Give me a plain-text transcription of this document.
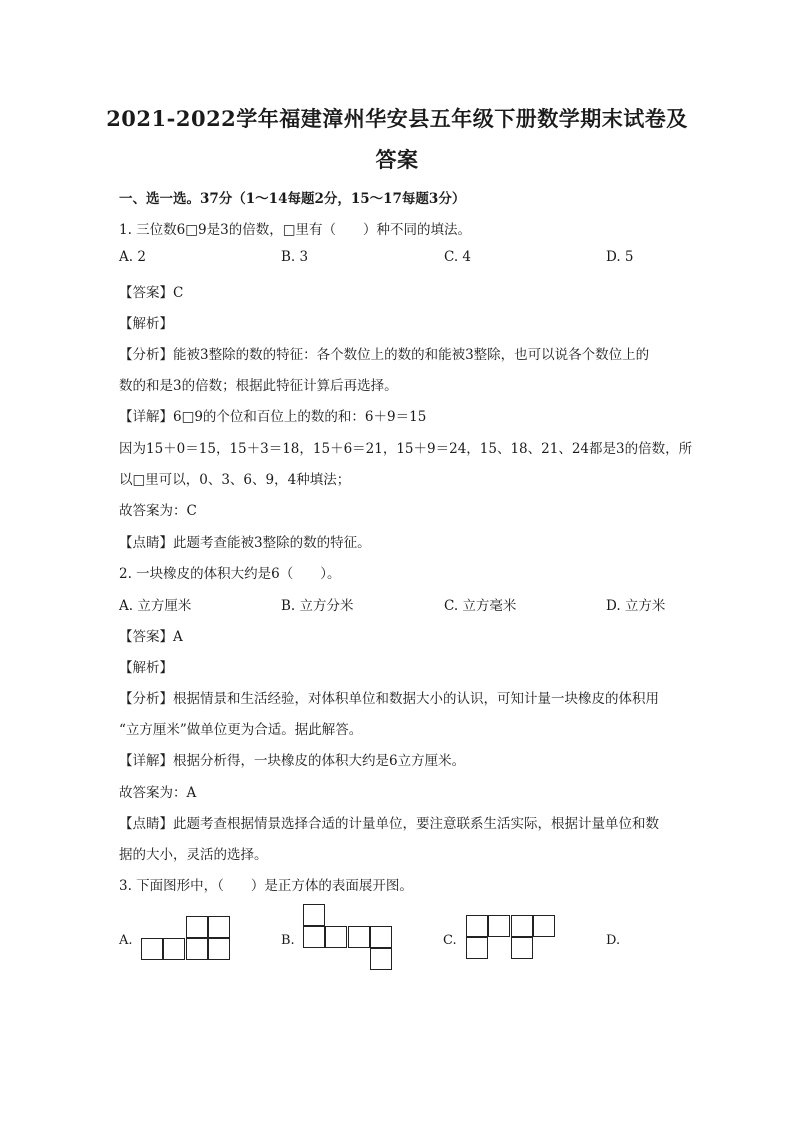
2021-2022学年福建漳州华安县五年级下册数学期末试卷及
答案
一、选一选。37分（1～14每题2分，15～17每题3分）
1. 三位数6□9是3的倍数，□里有（　　）种不同的填法。
A. 2	B. 3	C. 4	D. 5
【答案】C
【解析】
【分析】能被3整除的数的特征：各个数位上的数的和能被3整除，也可以说各个数位上的
数的和是3的倍数；根据此特征计算后再选择。
【详解】6□9的个位和百位上的数的和：6＋9＝15
因为15＋0＝15，15＋3＝18，15＋6＝21，15＋9＝24，15、18、21、24都是3的倍数，所
以□里可以，0、3、6、9，4种填法；
故答案为：C
【点睛】此题考查能被3整除的数的特征。
2. 一块橡皮的体积大约是6（　　）。
A. 立方厘米	B. 立方分米	C. 立方毫米	D. 立方米
【答案】A
【解析】
【分析】根据情景和生活经验，对体积单位和数据大小的认识，可知计量一块橡皮的体积用
“立方厘米”做单位更为合适。据此解答。
【详解】根据分析得，一块橡皮的体积大约是6立方厘米。
故答案为：A
【点睛】此题考查根据情景选择合适的计量单位，要注意联系生活实际，根据计量单位和数
据的大小，灵活的选择。
3. 下面图形中，（　　）是正方体的表面展开图。
A.	B.	C.	D.
